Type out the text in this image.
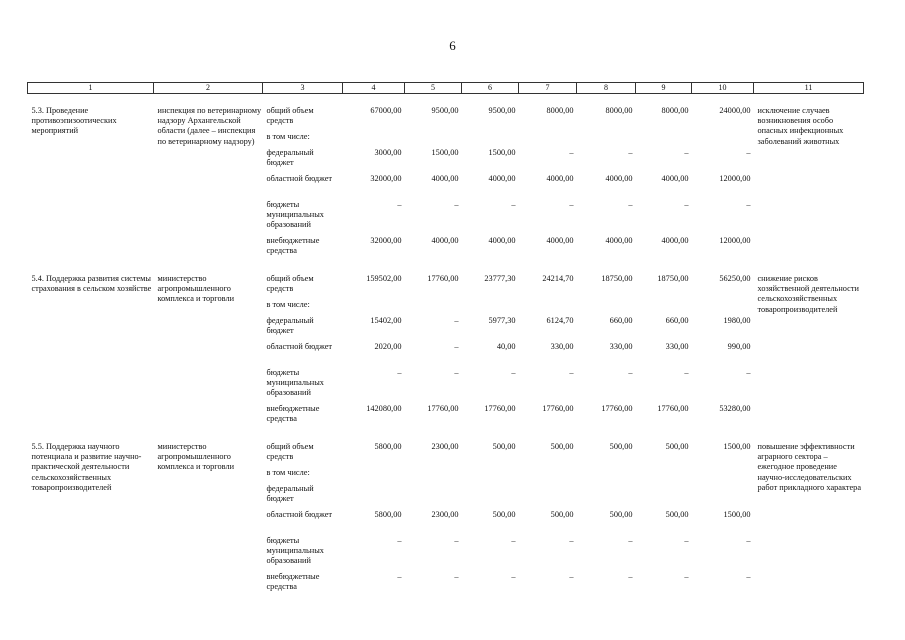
6
1	2	3	4	5	6	7	8	9	10	11

5.3. Проведение противоэпизоотических мероприятий	инспекция по ветеринарному надзору Архангельской области (далее – инспекция по ветеринарному надзору)	общий объем средств	67000,00	9500,00	9500,00	8000,00	8000,00	8000,00	24000,00	исключение случаев возникновения особо опасных инфекционных заболеваний животных
		в том числе:								
		федеральный бюджет	3000,00	1500,00	1500,00	–	–	–	–	
		областной бюджет	32000,00	4000,00	4000,00	4000,00	4000,00	4000,00	12000,00	
		бюджеты муниципальных образований	–	–	–	–	–	–	–	
		внебюджетные средства	32000,00	4000,00	4000,00	4000,00	4000,00	4000,00	12000,00	

5.4. Поддержка развития системы страхования в сельском хозяйстве	министерство агропромышленного комплекса и торговли	общий объем средств	159502,00	17760,00	23777,30	24214,70	18750,00	18750,00	56250,00	снижение рисков хозяйственной деятельности сельскохозяйственных товаропроизводителей
		в том числе:								
		федеральный бюджет	15402,00	–	5977,30	6124,70	660,00	660,00	1980,00	
		областной бюджет	2020,00	–	40,00	330,00	330,00	330,00	990,00	
		бюджеты муниципальных образований	–	–	–	–	–	–	–	
		внебюджетные средства	142080,00	17760,00	17760,00	17760,00	17760,00	17760,00	53280,00	

5.5. Поддержка научного потенциала и развитие научно-практической деятельности сельскохозяйственных товаропроизводителей	министерство агропромышленного комплекса и торговли	общий объем средств	5800,00	2300,00	500,00	500,00	500,00	500,00	1500,00	повышение эффективности аграрного сектора – ежегодное проведение научно-исследовательских работ прикладного характера
		в том числе:								
		федеральный бюджет								
		областной бюджет	5800,00	2300,00	500,00	500,00	500,00	500,00	1500,00	
		бюджеты муниципальных образований	–	–	–	–	–	–	–	
		внебюджетные средства	–	–	–	–	–	–	–	
